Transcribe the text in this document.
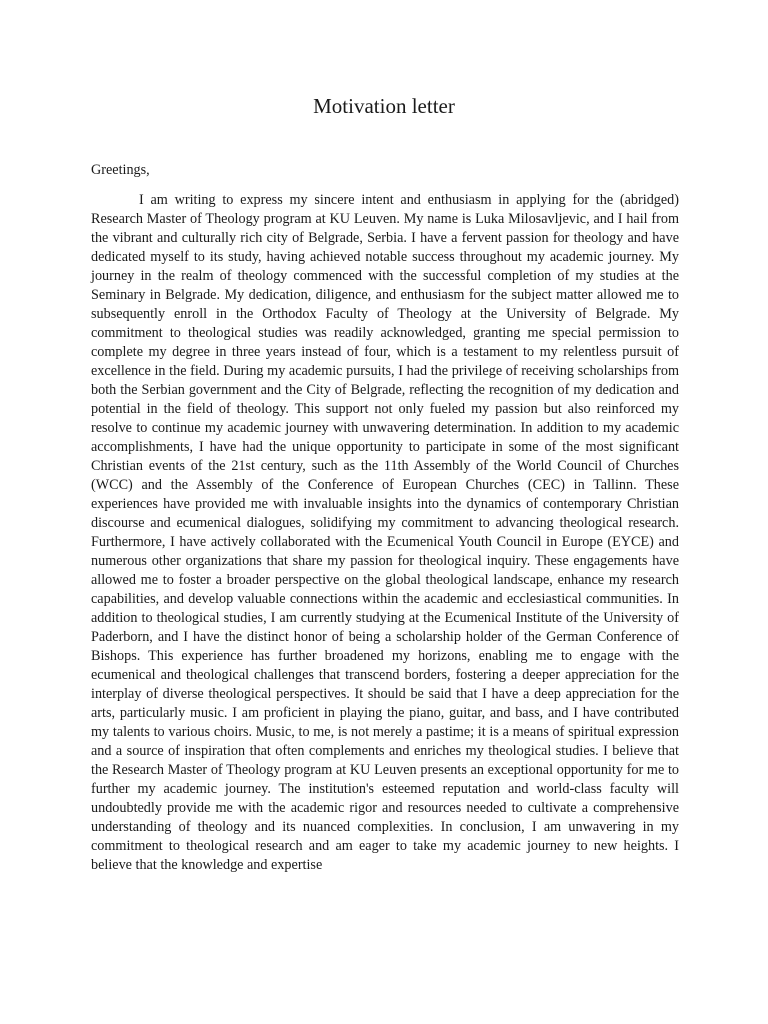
Motivation letter

Greetings,

I am writing to express my sincere intent and enthusiasm in applying for the (abridged) Research Master of Theology program at KU Leuven. My name is Luka Milosavljevic, and I hail from the vibrant and culturally rich city of Belgrade, Serbia. I have a fervent passion for theology and have dedicated myself to its study, having achieved notable success throughout my academic journey. My journey in the realm of theology commenced with the successful completion of my studies at the Seminary in Belgrade. My dedication, diligence, and enthusiasm for the subject matter allowed me to subsequently enroll in the Orthodox Faculty of Theology at the University of Belgrade. My commitment to theological studies was readily acknowledged, granting me special permission to complete my degree in three years instead of four, which is a testament to my relentless pursuit of excellence in the field. During my academic pursuits, I had the privilege of receiving scholarships from both the Serbian government and the City of Belgrade, reflecting the recognition of my dedication and potential in the field of theology. This support not only fueled my passion but also reinforced my resolve to continue my academic journey with unwavering determination. In addition to my academic accomplishments, I have had the unique opportunity to participate in some of the most significant Christian events of the 21st century, such as the 11th Assembly of the World Council of Churches (WCC) and the Assembly of the Conference of European Churches (CEC) in Tallinn. These experiences have provided me with invaluable insights into the dynamics of contemporary Christian discourse and ecumenical dialogues, solidifying my commitment to advancing theological research. Furthermore, I have actively collaborated with the Ecumenical Youth Council in Europe (EYCE) and numerous other organizations that share my passion for theological inquiry. These engagements have allowed me to foster a broader perspective on the global theological landscape, enhance my research capabilities, and develop valuable connections within the academic and ecclesiastical communities. In addition to theological studies, I am currently studying at the Ecumenical Institute of the University of Paderborn, and I have the distinct honor of being a scholarship holder of the German Conference of Bishops. This experience has further broadened my horizons, enabling me to engage with the ecumenical and theological challenges that transcend borders, fostering a deeper appreciation for the interplay of diverse theological perspectives. It should be said that I have a deep appreciation for the arts, particularly music. I am proficient in playing the piano, guitar, and bass, and I have contributed my talents to various choirs. Music, to me, is not merely a pastime; it is a means of spiritual expression and a source of inspiration that often complements and enriches my theological studies. I believe that the Research Master of Theology program at KU Leuven presents an exceptional opportunity for me to further my academic journey. The institution's esteemed reputation and world-class faculty will undoubtedly provide me with the academic rigor and resources needed to cultivate a comprehensive understanding of theology and its nuanced complexities. In conclusion, I am unwavering in my commitment to theological research and am eager to take my academic journey to new heights. I believe that the knowledge and expertise
